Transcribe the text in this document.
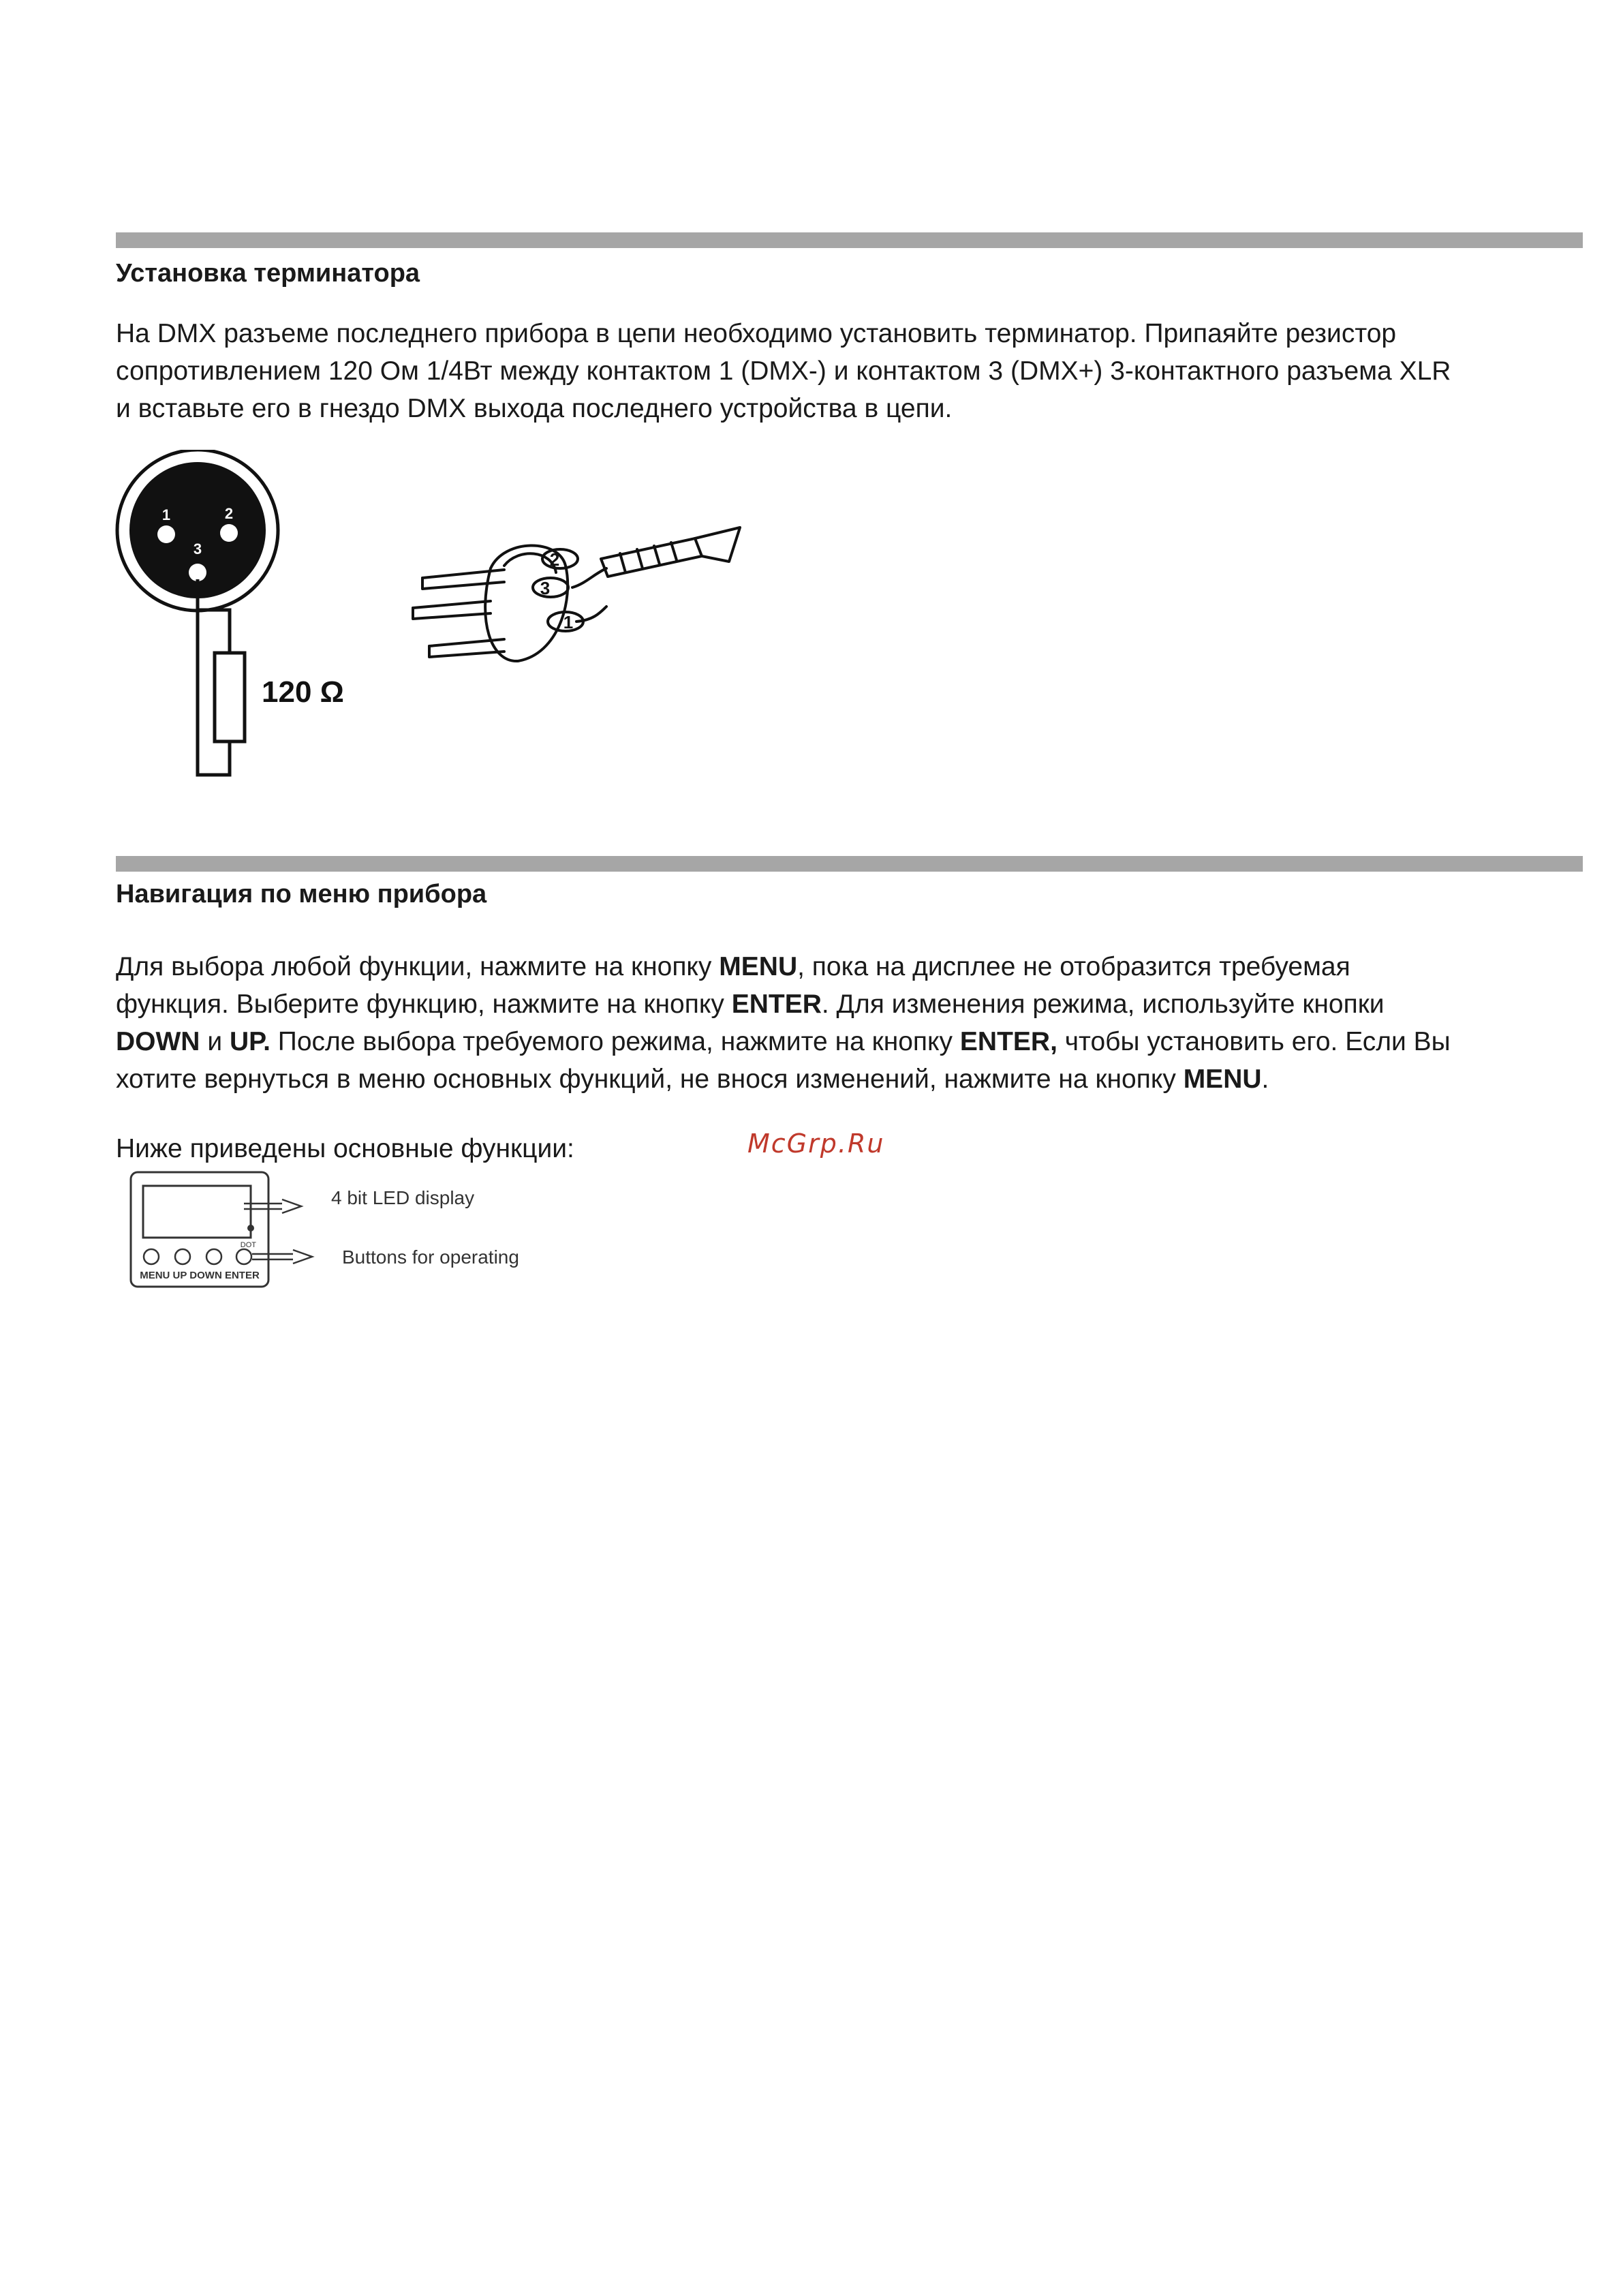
Установка терминатора
На DMX разъеме последнего прибора в цепи необходимо установить терминатор. Припаяйте резистор
сопротивлением 120 Ом 1/4Вт между контактом 1 (DMX-) и контактом 3 (DMX+) 3-контактного разъема XLR
и вставьте его в гнездо DMX выхода последнего устройства в цепи.
1	2
3
120 Ω
2
3
1
Навигация по меню прибора
Для выбора любой функции, нажмите на кнопку MENU, пока на дисплее не отобразится требуемая
функция. Выберите функцию, нажмите на кнопку ENTER. Для изменения режима, используйте кнопки
DOWN и UP. После выбора требуемого режима, нажмите на кнопку ENTER, чтобы установить его. Если Вы
хотите вернуться в меню основных функций, не внося изменений, нажмите на кнопку MENU.
Ниже приведены основные функции:	McGrp.Ru
DOT
MENU UP DOWN ENTER
4 bit LED display
Buttons for operating
